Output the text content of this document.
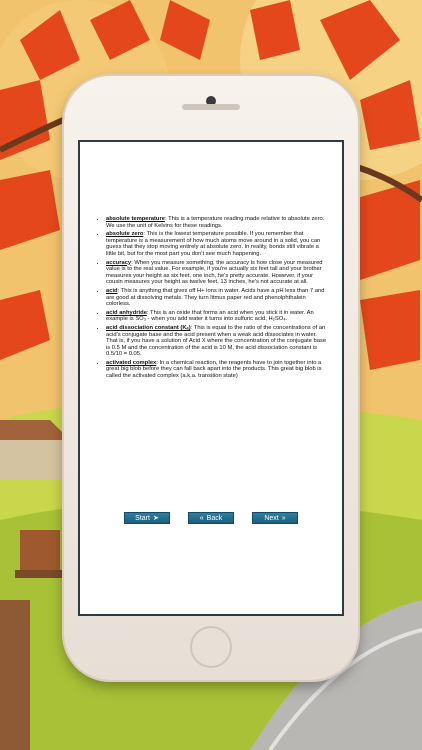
• absolute temperature: This is a temperature reading made relative to absolute zero. We use the unit of Kelvins for these readings.
• absolute zero: This is the lowest temperature possible. If you remember that temperature is a measurement of how much atoms move around in a solid, you can guess that they stop moving entirely at absolute zero. In reality, bonds still vibrate a little bit, but for the most part you don't see much happening.
• accuracy: When you measure something, the accuracy is how close your measured value is to the real value. For example, if you're actually six feet tall and your brother measures your height as six feet, one inch, he's pretty accurate. However, if your cousin measures your height as twelve feet, 13 inches, he's not accurate at all.
• acid: This is anything that gives off H+ ions in water. Acids have a pH less than 7 and are good at dissolving metals. They turn litmus paper red and phenolphthalein colorless.
• acid anhydride: This is an oxide that forms an acid when you stick it in water. An example is SO₃ - when you add water it turns into sulfuric acid, H₂SO₄.
• acid dissociation constant (Kₐ): This is equal to the ratio of the concentrations of an acid's conjugate base and the acid present when a weak acid dissociates in water. That is, if you have a solution of Acid X where the concentration of the conjugate base is 0.5 M and the concentration of the acid is 10 M, the acid dissociation constant is 0.5/10 = 0.05.
• activated complex: In a chemical reaction, the reagents have to join together into a great big blob before they can fall back apart into the products. This great big blob is called the activated complex (a.k.a. transition state)
Start ➤	« Back	Next »
